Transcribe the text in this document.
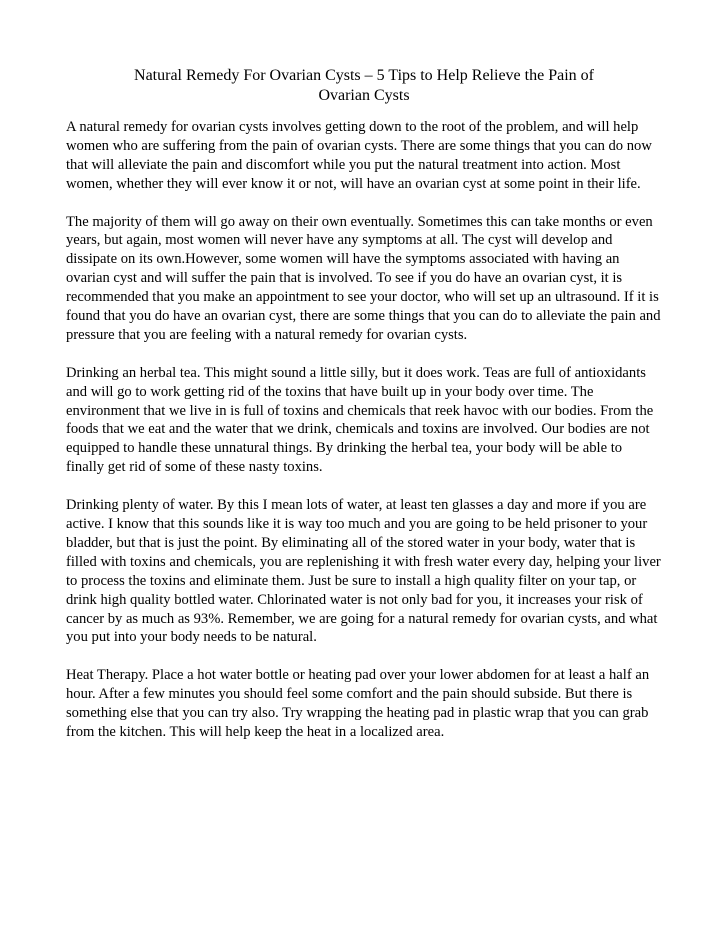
Natural Remedy For Ovarian Cysts – 5 Tips to Help Relieve the Pain of
Ovarian Cysts

A natural remedy for ovarian cysts involves getting down to the root of the problem, and will help women who are suffering from the pain of ovarian cysts. There are some things that you can do now that will alleviate the pain and discomfort while you put the natural treatment into action. Most women, whether they will ever know it or not, will have an ovarian cyst at some point in their life.

The majority of them will go away on their own eventually. Sometimes this can take months or even years, but again, most women will never have any symptoms at all. The cyst will develop and dissipate on its own.However, some women will have the symptoms associated with having an ovarian cyst and will suffer the pain that is involved. To see if you do have an ovarian cyst, it is recommended that you make an appointment to see your doctor, who will set up an ultrasound. If it is found that you do have an ovarian cyst, there are some things that you can do to alleviate the pain and pressure that you are feeling with a natural remedy for ovarian cysts.

Drinking an herbal tea. This might sound a little silly, but it does work. Teas are full of antioxidants and will go to work getting rid of the toxins that have built up in your body over time. The environment that we live in is full of toxins and chemicals that reek havoc with our bodies. From the foods that we eat and the water that we drink, chemicals and toxins are involved. Our bodies are not equipped to handle these unnatural things. By drinking the herbal tea, your body will be able to finally get rid of some of these nasty toxins.

Drinking plenty of water. By this I mean lots of water, at least ten glasses a day and more if you are active. I know that this sounds like it is way too much and you are going to be held prisoner to your bladder, but that is just the point. By eliminating all of the stored water in your body, water that is filled with toxins and chemicals, you are replenishing it with fresh water every day, helping your liver to process the toxins and eliminate them. Just be sure to install a high quality filter on your tap, or drink high quality bottled water. Chlorinated water is not only bad for you, it increases your risk of cancer by as much as 93%. Remember, we are going for a natural remedy for ovarian cysts, and what you put into your body needs to be natural.

Heat Therapy. Place a hot water bottle or heating pad over your lower abdomen for at least a half an hour. After a few minutes you should feel some comfort and the pain should subside. But there is something else that you can try also. Try wrapping the heating pad in plastic wrap that you can grab from the kitchen. This will help keep the heat in a localized area.
